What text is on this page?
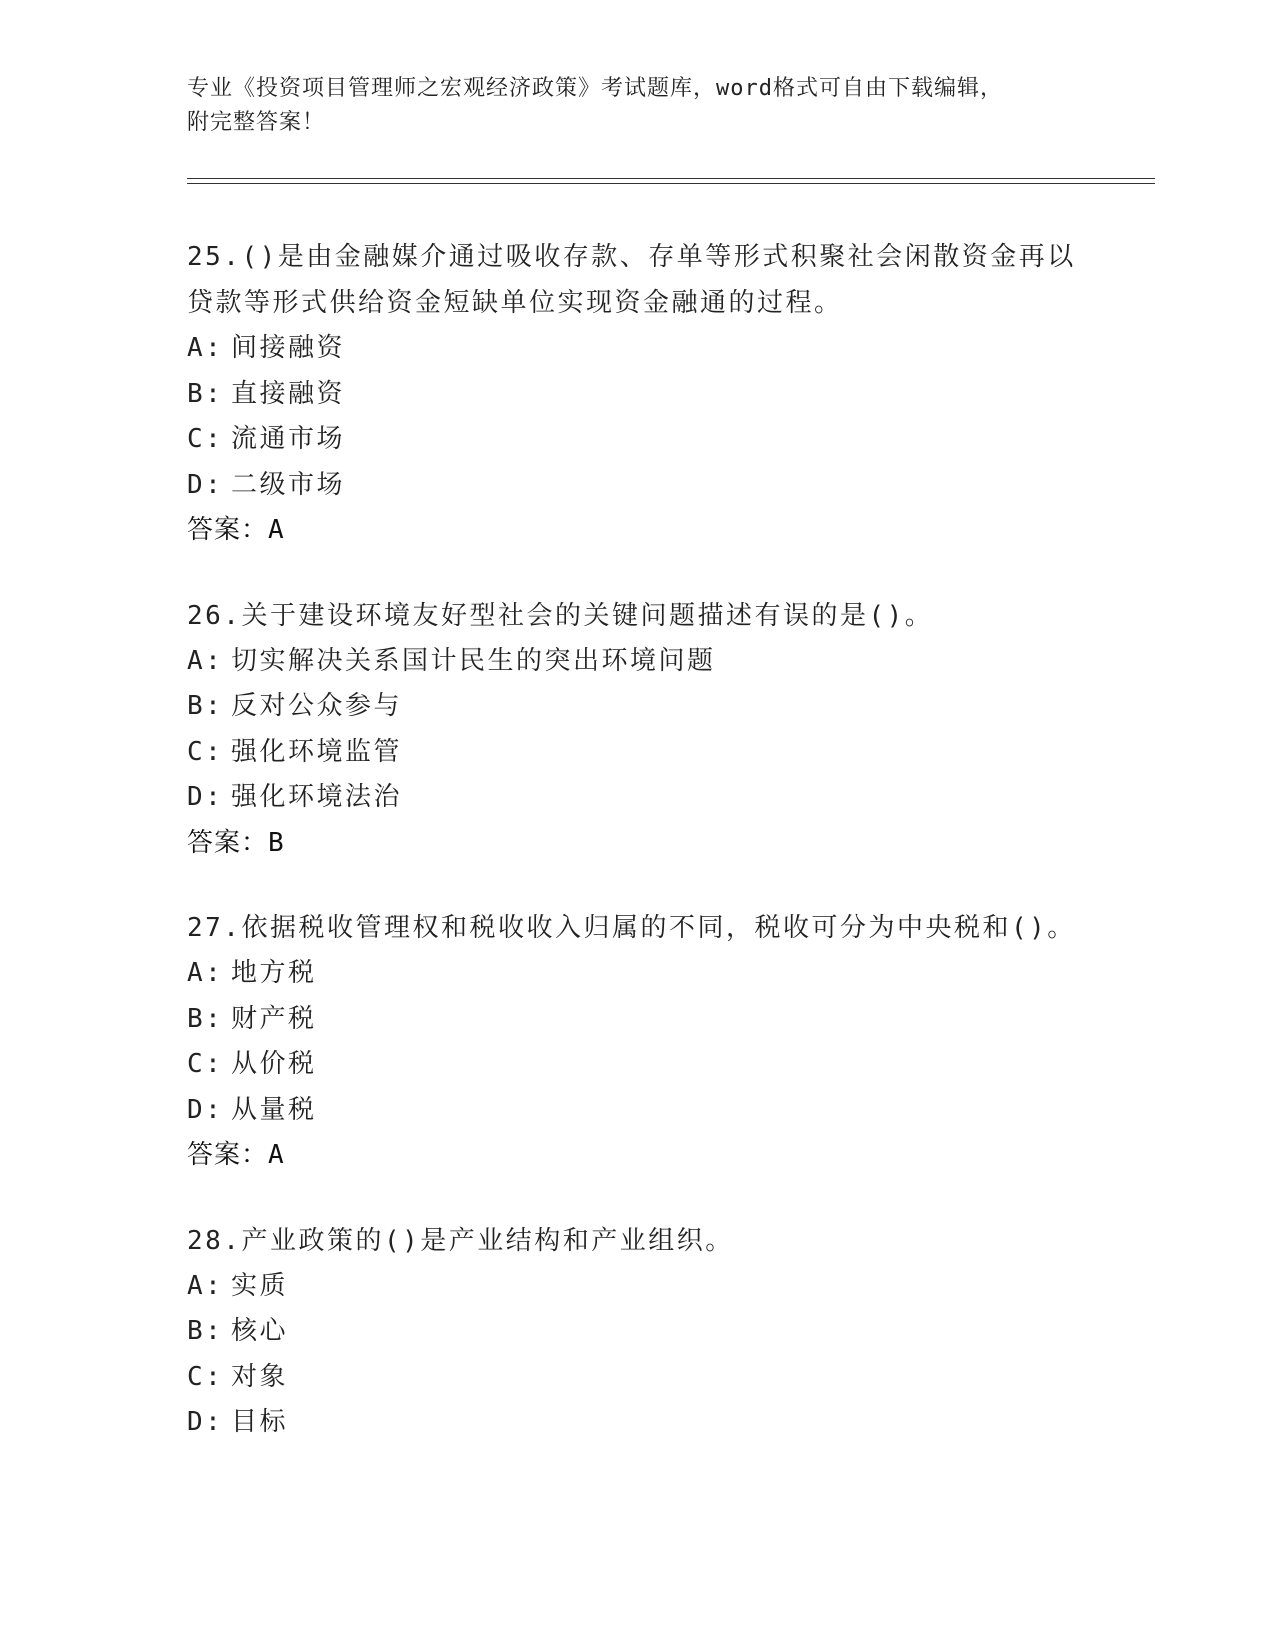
专业《投资项目管理师之宏观经济政策》考试题库，word格式可自由下载编辑，
附完整答案！
25.()是由金融媒介通过吸收存款、存单等形式积聚社会闲散资金再以
贷款等形式供给资金短缺单位实现资金融通的过程。
A: 间接融资
B: 直接融资
C: 流通市场
D: 二级市场
答案：A
26.关于建设环境友好型社会的关键问题描述有误的是()。
A: 切实解决关系国计民生的突出环境问题
B: 反对公众参与
C: 强化环境监管
D: 强化环境法治
答案：B
27.依据税收管理权和税收收入归属的不同，税收可分为中央税和()。
A: 地方税
B: 财产税
C: 从价税
D: 从量税
答案：A
28.产业政策的()是产业结构和产业组织。
A: 实质
B: 核心
C: 对象
D: 目标
